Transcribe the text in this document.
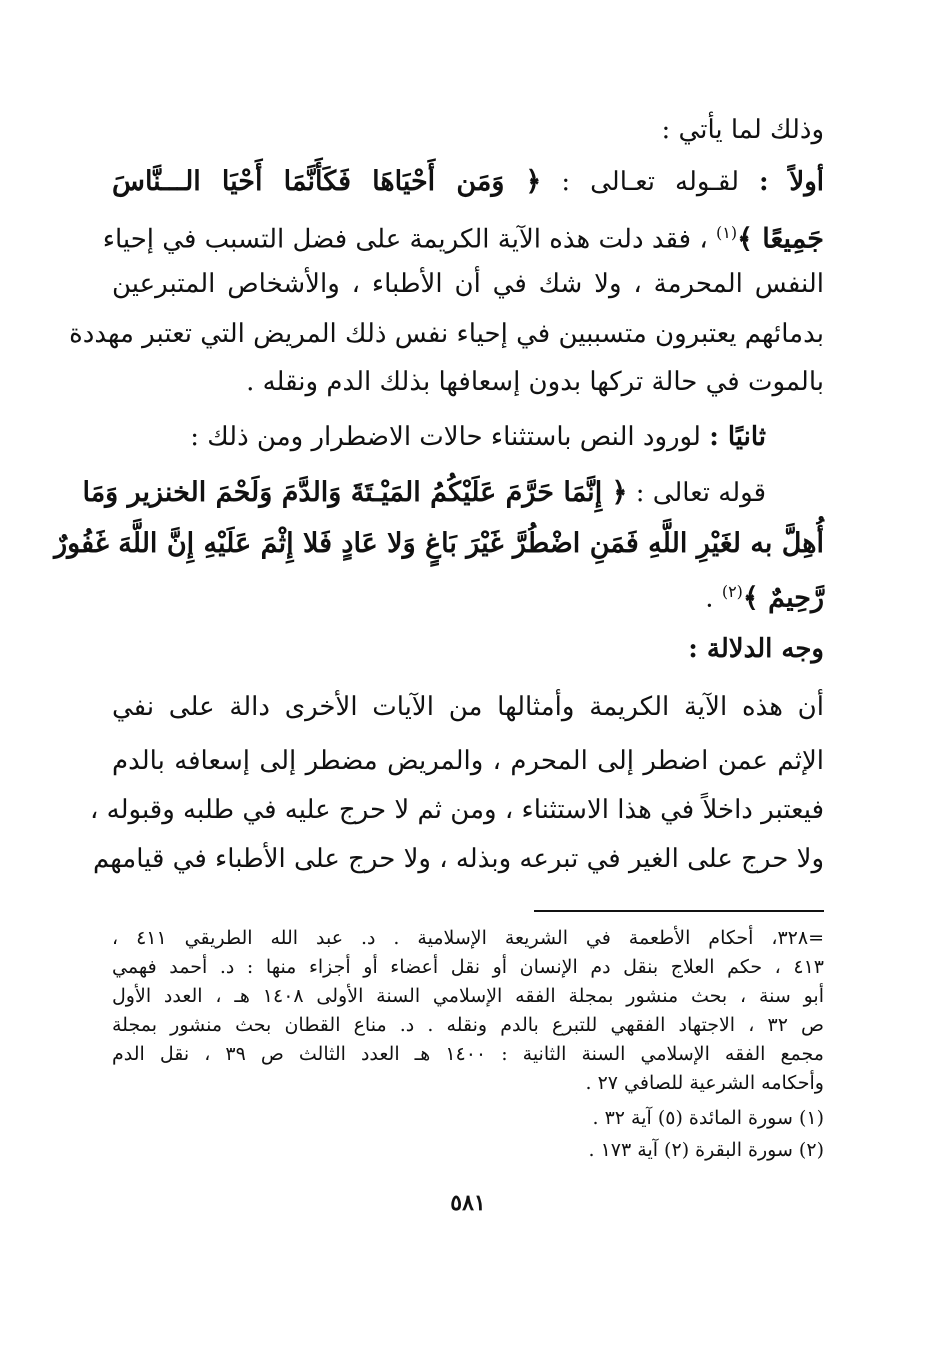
وذلك لما يأتي :
أولاً : لقـوله تعـالى : ﴿ وَمَن أَحْيَاهَا فَكَأَنَّمَا أَحْيَا الـــنَّاسَ
جَمِيعًا ﴾$^{(١)}$ ، فقد دلت هذه الآية الكريمة على فضل التسبب في إحياء
النفس المحرمة ، ولا شك في أن الأطباء ، والأشخاص المتبرعين
بدمائهم يعتبرون متسببين في إحياء نفس ذلك المريض التي تعتبر مهددة
بالموت في حالة تركها بدون إسعافها بذلك الدم ونقله .
ثانيًا : لورود النص باستثناء حالات الاضطرار ومن ذلك :
قوله تعالى : ﴿ إِنَّمَا حَرَّمَ عَلَيْكُمُ المَيْـتَةَ وَالدَّمَ وَلَحْمَ الخنزير وَمَا
أُهِلَّ به لغَيْرِ اللَّهِ فَمَنِ اضْطُرَّ غَيْرَ بَاغٍ وَلا عَادٍ فَلا إِثْمَ عَلَيْهِ إِنَّ اللَّهَ غَفُورٌ
رَّحِيمٌ ﴾$^{(٢)}$ .
وجه الدلالة :
أن هذه الآية الكريمة وأمثالها من الآيات الأخرى دالة على نفي
الإثم عمن اضطر إلى المحرم ، والمريض مضطر إلى إسعافه بالدم
فيعتبر داخلاً في هذا الاستثناء ، ومن ثم لا حرج عليه في طلبه وقبوله ،
ولا حرج على الغير في تبرعه وبذله ، ولا حرج على الأطباء في قيامهم
=٣٢٨، أحكام الأطعمة في الشريعة الإسلامية . د. عبد الله الطريقي ٤١١ ،
٤١٣ ، حكم العلاج بنقل دم الإنسان أو نقل أعضاء أو أجزاء منها : د. أحمد فهمي
أبو سنة ، بحث منشور بمجلة الفقه الإسلامي السنة الأولى ١٤٠٨ هـ ، العدد الأول
ص ٣٢ ، الاجتهاد الفقهي للتبرع بالدم ونقله . د. مناع القطان بحث منشور بمجلة
مجمع الفقه الإسلامي السنة الثانية : ١٤٠٠ هـ العدد الثالث ص ٣٩ ، نقل الدم
وأحكامه الشرعية للصافي ٢٧ .
(١) سورة المائدة (٥) آية ٣٢ .
(٢) سورة البقرة (٢) آية ١٧٣ .
٥٨١
